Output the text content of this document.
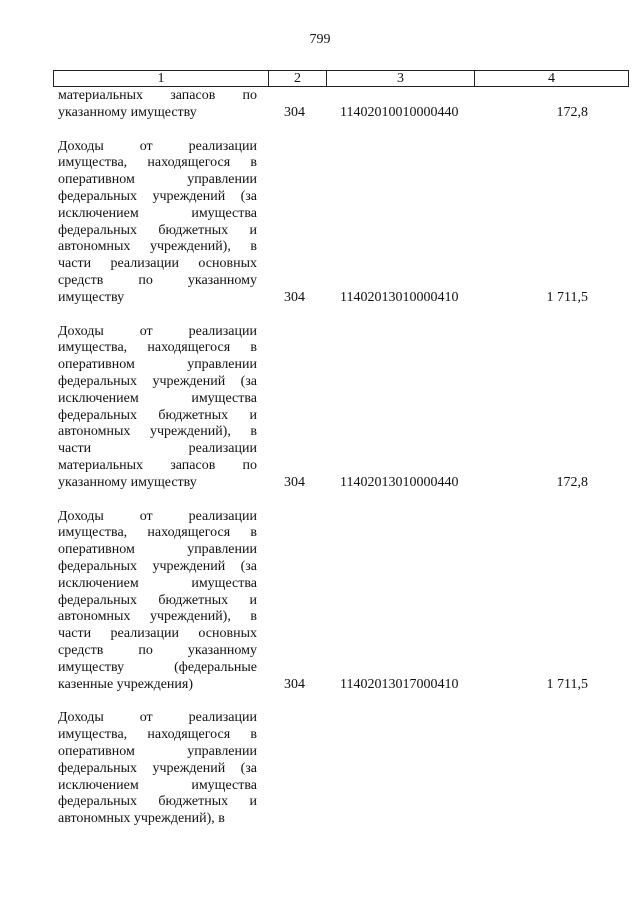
799
1	2	3	4
материальных запасов по
указанному имуществу	304	11402010010000440	172,8
Доходы от реализации
имущества, находящегося в
оперативном управлении
федеральных учреждений (за
исключением имущества
федеральных бюджетных и
автономных учреждений), в
части реализации основных
средств по указанному
имуществу	304	11402013010000410	1 711,5
Доходы от реализации
имущества, находящегося в
оперативном управлении
федеральных учреждений (за
исключением имущества
федеральных бюджетных и
автономных учреждений), в
части реализации
материальных запасов по
указанному имуществу	304	11402013010000440	172,8
Доходы от реализации
имущества, находящегося в
оперативном управлении
федеральных учреждений (за
исключением имущества
федеральных бюджетных и
автономных учреждений), в
части реализации основных
средств по указанному
имуществу (федеральные
казенные учреждения)	304	11402013017000410	1 711,5
Доходы от реализации
имущества, находящегося в
оперативном управлении
федеральных учреждений (за
исключением имущества
федеральных бюджетных и
автономных учреждений), в
